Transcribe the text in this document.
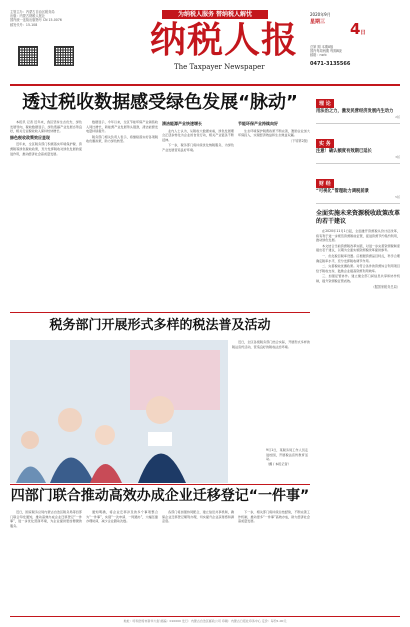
主管主办：内蒙古自治区税务局
出版：内蒙古纳税人报社
国内统一连续出版物号 CN 15-0076
邮发代号：15-108
为纳税人服务 替纳税人解忧
纳税人报
The Taxpayer Newspaper
2020年9月
星期三	4日
总第 期 本期8版
国内每周两期 每期8版
邮箱：nsrb
0471-3135566
透过税收数据感受绿色发展“脉动”

本报讯 记者 近年来，我区坚持生态优先、绿色发展导向，税收数据显示，绿色低碳产业发展态势良好，相关行业税收收入保持较快增长。

绿色税收政策效应显现

近年来，全区税务部门积极落实环境保护税、资源税等绿色税收政策，充分发挥税收对绿色发展的促进作用，推动经济社会高质量发展。

数据显示，今年以来，全区节能环保产业销售收入同比增长，新能源产业发展势头强劲，清洁能源发电量持续提升。

税务部门相关负责人表示，将继续落实好各项税收优惠政策，助力绿色转型。

清洁能源产业快速增长

业内人士认为，从税收大数据来看，绿色发展理念正逐步转化为企业的自觉行动，相关产业链条不断延伸。

下一步，税务部门将持续优化纳税服务，为绿色产业发展营造良好环境。

节能环保产业持续向好

生态环境保护税费政策不断完善，激励企业加大环保投入，实现经济效益和生态效益双赢。

（下转第2版）

税务部门开展形式多样的税法普及活动

近日，全区各级税务部门结合实际，开展形式多样的税法宣传活动，营造良好的税收法治环境。

9月1日，某税务局工作人员走进校园，开展税法宣传教育活动。
（摄 / 本报记者）
四部门联合推动高效办成企业迁移登记“一件事”

近日，国家税务总局内蒙古自治区税务局等四部门联合印发通知，推动高效办成企业迁移登记“一件事”，进一步优化营商环境，为企业提供更加便捷的服务。

通知明确，将企业迁移涉及的多个事项整合为“一件事”，实现“一次申请、一网通办”，大幅压缩办理时间，减少企业跑动次数。

各部门将加强协同配合，建立信息共享机制，确保企业迁移登记顺利办理，切实提升企业获得感和满意度。

下一步，相关部门将持续总结经验，不断完善工作机制，推动更多“一件事”高效办成，助力经济社会高质量发展。

理 论
用法治之力，激发民营经济发展内生动力
2版
实 务
注意！确认额度有效期已延长
3版
财 经
“可视化”管理助力调税前景
5版
全面实施未来资源税收政策改革的若干建议

在2020年11月1日起，全面推开资源税从价计征改革，将有利于进一步规范资源税收征管，促进资源节约集约利用，推动绿色发展。

本文结合当前资源税改革实践，对进一步完善资源税制度提出若干建议，以期为全面实施资源税改革提供参考。

一、优化税目税率设置。应根据资源品目特点，科学合理确定税率水平，充分发挥税收调节作用。

二、完善税收优惠政策。对符合条件的资源综合利用项目给予税收支持，鼓励企业提高资源利用效率。

三、加强征管协作。建立健全部门间信息共享和协作机制，提升资源税征管质效。

（据国家税务总局）

地址：呼和浩特市新华大街 邮编：010000 发行：内蒙古自治区邮政公司 印刷：内蒙古日报社印务中心 定价：每份1.00元
